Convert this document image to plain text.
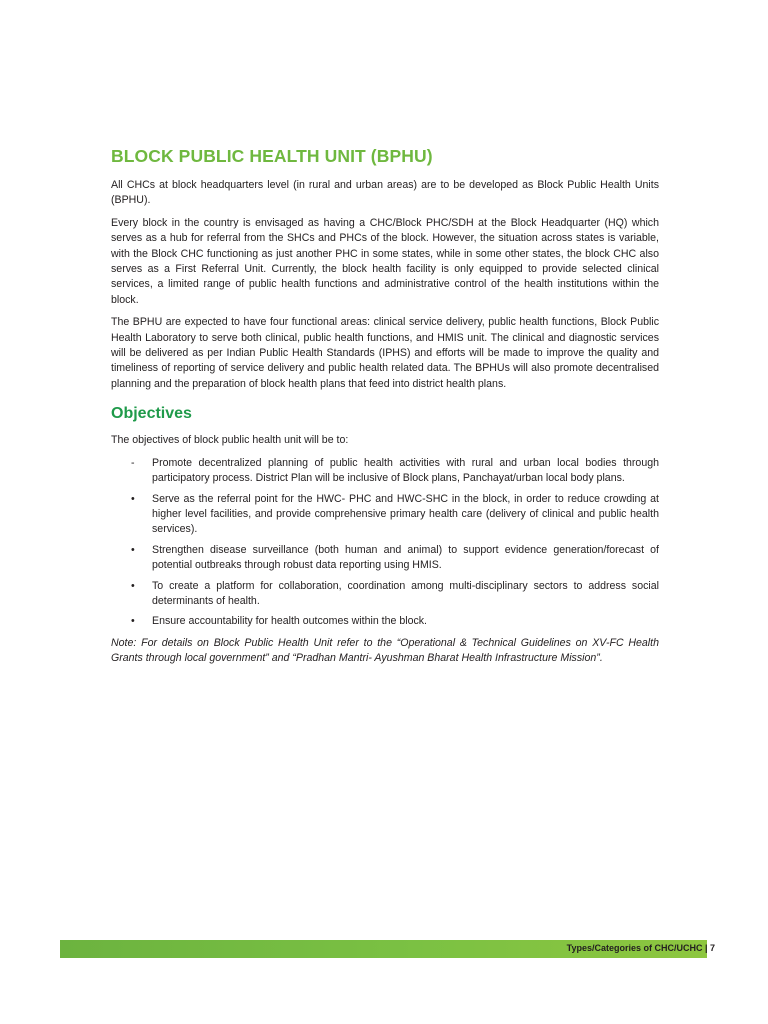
BLOCK PUBLIC HEALTH UNIT (BPHU)

All CHCs at block headquarters level (in rural and urban areas) are to be developed as Block Public Health Units (BPHU).

Every block in the country is envisaged as having a CHC/Block PHC/SDH at the Block Headquarter (HQ) which serves as a hub for referral from the SHCs and PHCs of the block. However, the situation across states is variable, with the Block CHC functioning as just another PHC in some states, while in some other states, the block CHC also serves as a First Referral Unit. Currently, the block health facility is only equipped to provide selected clinical services, a limited range of public health functions and administrative control of the health institutions within the block.

The BPHU are expected to have four functional areas: clinical service delivery, public health functions, Block Public Health Laboratory to serve both clinical, public health functions, and HMIS unit. The clinical and diagnostic services will be delivered as per Indian Public Health Standards (IPHS) and efforts will be made to improve the quality and timeliness of reporting of service delivery and public health related data. The BPHUs will also promote decentralised planning and the preparation of block health plans that feed into district health plans.

Objectives

The objectives of block public health unit will be to:

- Promote decentralized planning of public health activities with rural and urban local bodies through participatory process. District Plan will be inclusive of Block plans, Panchayat/urban local body plans.
• Serve as the referral point for the HWC- PHC and HWC-SHC in the block, in order to reduce crowding at higher level facilities, and provide comprehensive primary health care (delivery of clinical and public health services).
• Strengthen disease surveillance (both human and animal) to support evidence generation/forecast of potential outbreaks through robust data reporting using HMIS.
• To create a platform for collaboration, coordination among multi-disciplinary sectors to address social determinants of health.
• Ensure accountability for health outcomes within the block.

Note: For details on Block Public Health Unit refer to the “Operational & Technical Guidelines on XV-FC Health Grants through local government” and “Pradhan Mantri- Ayushman Bharat Health Infrastructure Mission”.

Types/Categories of CHC/UCHC | 7
